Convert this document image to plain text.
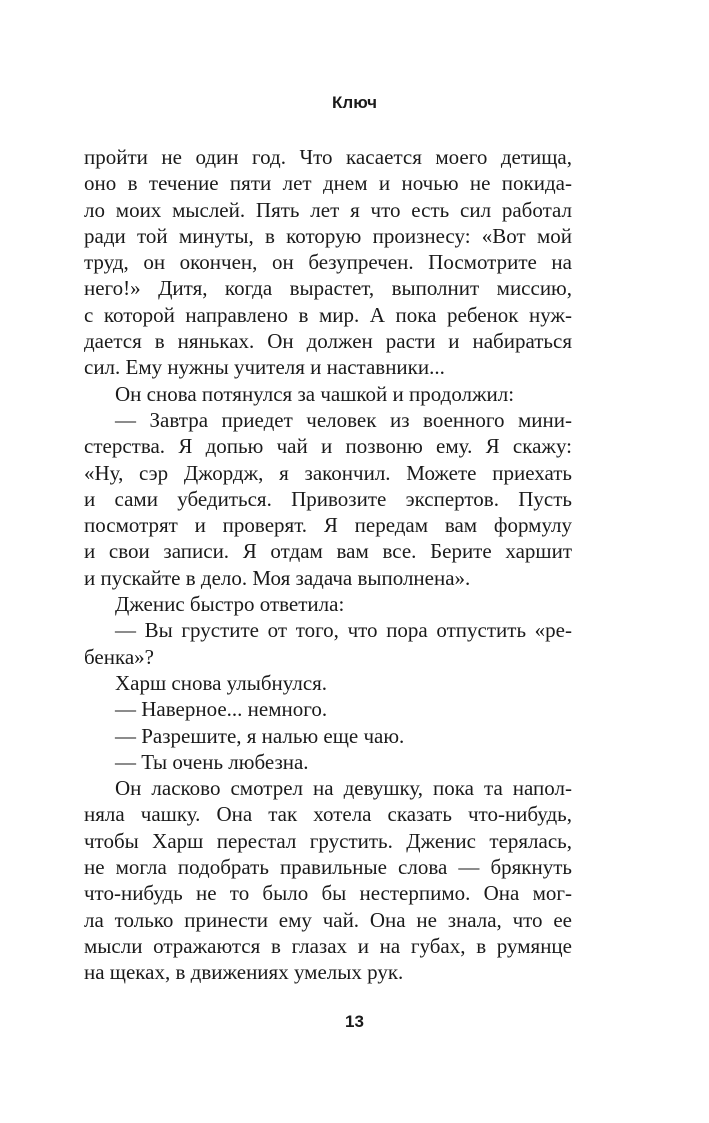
Ключ
пройти не один год. Что касается моего детища,
оно в течение пяти лет днем и ночью не покида-
ло моих мыслей. Пять лет я что есть сил работал
ради той минуты, в которую произнесу: «Вот мой
труд, он окончен, он безупречен. Посмотрите на
него!» Дитя, когда вырастет, выполнит миссию,
с которой направлено в мир. А пока ребенок нуж-
дается в няньках. Он должен расти и набираться
сил. Ему нужны учителя и наставники...
Он снова потянулся за чашкой и продолжил:
— Завтра приедет человек из военного мини-
стерства. Я допью чай и позвоню ему. Я скажу:
«Ну, сэр Джордж, я закончил. Можете приехать
и сами убедиться. Привозите экспертов. Пусть
посмотрят и проверят. Я передам вам формулу
и свои записи. Я отдам вам все. Берите харшит
и пускайте в дело. Моя задача выполнена».
Дженис быстро ответила:
— Вы грустите от того, что пора отпустить «ре-
бенка»?
Харш снова улыбнулся.
— Наверное... немного.
— Разрешите, я налью еще чаю.
— Ты очень любезна.
Он ласково смотрел на девушку, пока та напол-
няла чашку. Она так хотела сказать что-нибудь,
чтобы Харш перестал грустить. Дженис терялась,
не могла подобрать правильные слова — брякнуть
что-нибудь не то было бы нестерпимо. Она мог-
ла только принести ему чай. Она не знала, что ее
мысли отражаются в глазах и на губах, в румянце
на щеках, в движениях умелых рук.
13
